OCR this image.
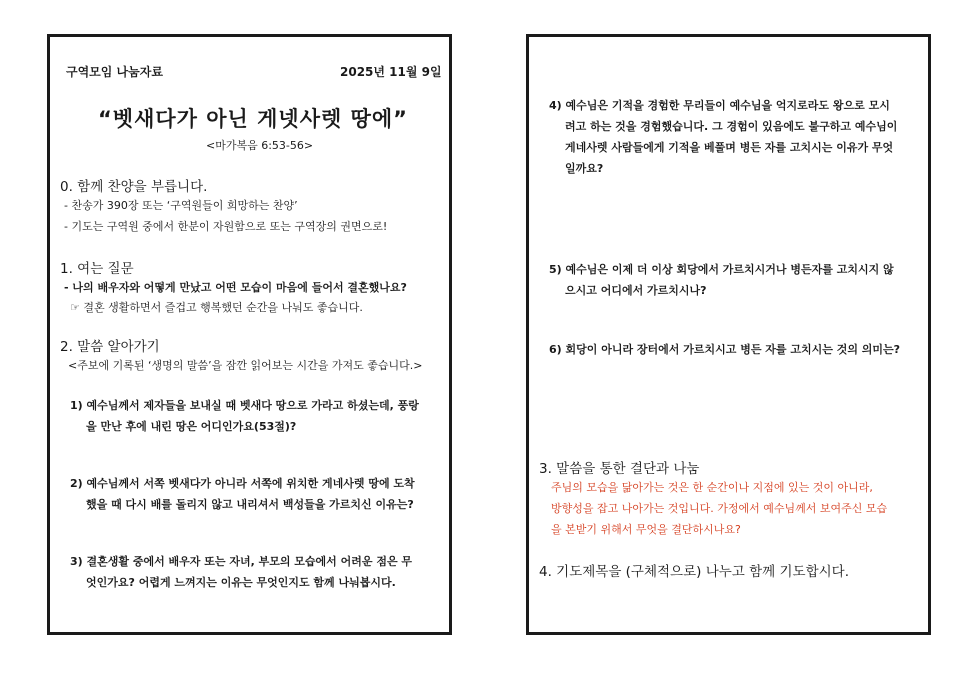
구역모임 나눔자료	2025년 11월 9일
“벳새다가 아닌 게넷사렛 땅에”
<마가복음 6:53-56>
0. 함께 찬양을 부릅니다.
- 찬송가 390장 또는 ‘구역원들이 희망하는 찬양’
- 기도는 구역원 중에서 한분이 자원함으로 또는 구역장의 권면으로!
1. 여는 질문
- 나의 배우자와 어떻게 만났고 어떤 모습이 마음에 들어서 결혼했나요?
☞ 결혼 생활하면서 즐겁고 행복했던 순간을 나눠도 좋습니다.
2. 말씀 알아가기
<주보에 기록된 ‘생명의 말씀’을 잠깐 읽어보는 시간을 가져도 좋습니다.>
1) 예수님께서 제자들을 보내실 때 벳새다 땅으로 가라고 하셨는데, 풍랑
을 만난 후에 내린 땅은 어디인가요(53절)?
2) 예수님께서 서쪽 벳새다가 아니라 서쪽에 위치한 게네사렛 땅에 도착
했을 때 다시 배를 돌리지 않고 내리셔서 백성들을 가르치신 이유는?
3) 결혼생활 중에서 배우자 또는 자녀, 부모의 모습에서 어려운 점은 무
엇인가요? 어렵게 느껴지는 이유는 무엇인지도 함께 나눠봅시다.
4) 예수님은 기적을 경험한 무리들이 예수님을 억지로라도 왕으로 모시
려고 하는 것을 경험했습니다. 그 경험이 있음에도 불구하고 예수님이
게네사렛 사람들에게 기적을 베풀며 병든 자를 고치시는 이유가 무엇
일까요?
5) 예수님은 이제 더 이상 회당에서 가르치시거나 병든자를 고치시지 않
으시고 어디에서 가르치시나?
6) 회당이 아니라 장터에서 가르치시고 병든 자를 고치시는 것의 의미는?
3. 말씀을 통한 결단과 나눔
주님의 모습을 닮아가는 것은 한 순간이나 지점에 있는 것이 아니라,
방향성을 잡고 나아가는 것입니다. 가정에서 예수님께서 보여주신 모습
을 본받기 위해서 무엇을 결단하시나요?
4. 기도제목을 (구체적으로) 나누고 함께 기도합시다.
